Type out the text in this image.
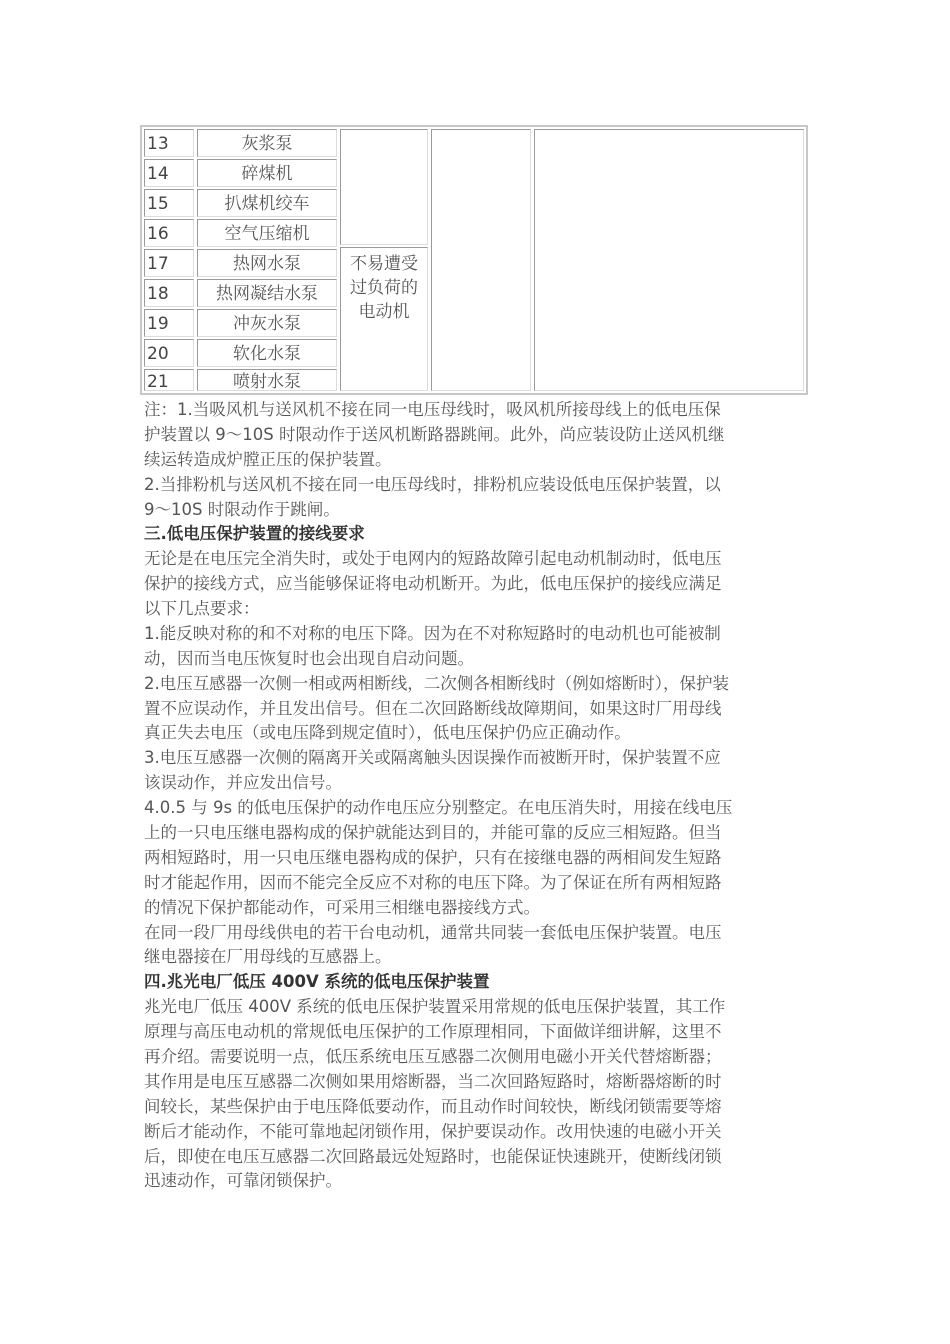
13
14
15
16
17
18
19
20
21
灰浆泵
碎煤机
扒煤机绞车
空气压缩机
热网水泵
热网凝结水泵
冲灰水泵
软化水泵
喷射水泵
不易遭受
过负荷的
电动机

注：1.当吸风机与送风机不接在同一电压母线时，吸风机所接母线上的低电压保

护装置以 9～10S 时限动作于送风机断路器跳闸。此外，尚应装设防止送风机继

续运转造成炉膛正压的保护装置。

2.当排粉机与送风机不接在同一电压母线时，排粉机应装设低电压保护装置，以

9～10S 时限动作于跳闸。

三.低电压保护装置的接线要求

无论是在电压完全消失时，或处于电网内的短路故障引起电动机制动时，低电压

保护的接线方式，应当能够保证将电动机断开。为此，低电压保护的接线应满足

以下几点要求：

1.能反映对称的和不对称的电压下降。因为在不对称短路时的电动机也可能被制

动，因而当电压恢复时也会出现自启动问题。

2.电压互感器一次侧一相或两相断线，二次侧各相断线时（例如熔断时），保护装

置不应误动作，并且发出信号。但在二次回路断线故障期间，如果这时厂用母线

真正失去电压（或电压降到规定值时），低电压保护仍应正确动作。

3.电压互感器一次侧的隔离开关或隔离触头因误操作而被断开时，保护装置不应

该误动作，并应发出信号。

4.0.5 与 9s 的低电压保护的动作电压应分别整定。在电压消失时，用接在线电压

上的一只电压继电器构成的保护就能达到目的，并能可靠的反应三相短路。但当

两相短路时，用一只电压继电器构成的保护，只有在接继电器的两相间发生短路

时才能起作用，因而不能完全反应不对称的电压下降。为了保证在所有两相短路

的情况下保护都能动作，可采用三相继电器接线方式。

在同一段厂用母线供电的若干台电动机，通常共同装一套低电压保护装置。电压

继电器接在厂用母线的互感器上。

四.兆光电厂低压 400V 系统的低电压保护装置

兆光电厂低压 400V 系统的低电压保护装置采用常规的低电压保护装置，其工作

原理与高压电动机的常规低电压保护的工作原理相同，下面做详细讲解，这里不

再介绍。需要说明一点，低压系统电压互感器二次侧用电磁小开关代替熔断器；

其作用是电压互感器二次侧如果用熔断器，当二次回路短路时，熔断器熔断的时

间较长，某些保护由于电压降低要动作，而且动作时间较快，断线闭锁需要等熔

断后才能动作，不能可靠地起闭锁作用，保护要误动作。改用快速的电磁小开关

后，即使在电压互感器二次回路最远处短路时，也能保证快速跳开，使断线闭锁

迅速动作，可靠闭锁保护。
